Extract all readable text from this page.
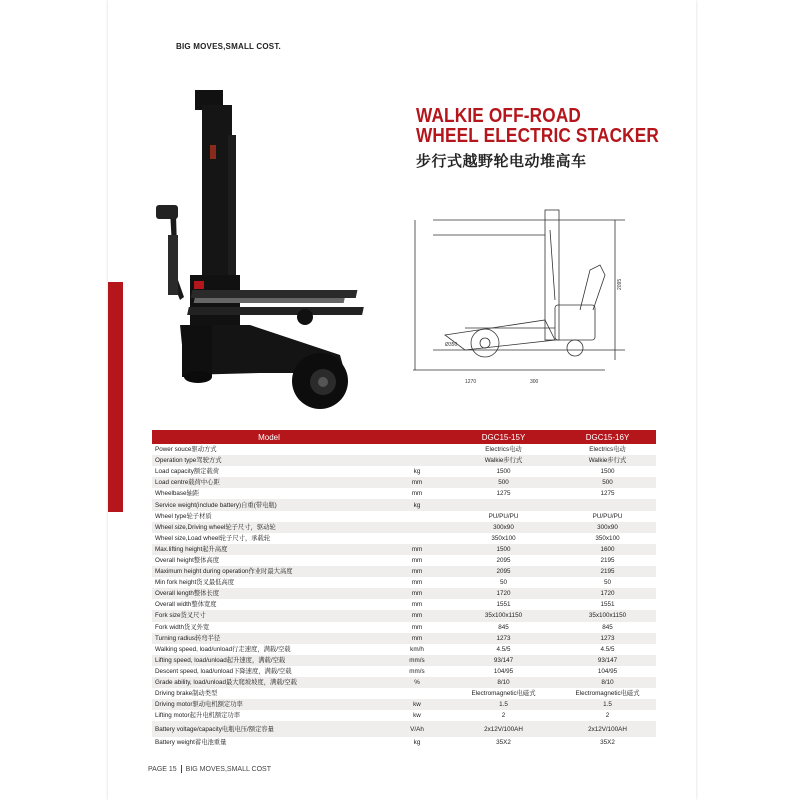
BIG MOVES,SMALL COST.
WALKIE OFF-ROAD
WHEEL ELECTRIC STACKER
步行式越野轮电动堆高车
1270	300
2095
Ø350
Model		DGC15-15Y	DGC15-16Y
Power souce驱动方式		Electrics电动	Electrics电动
Operation type驾驶方式		Walkie步行式	Walkie步行式
Load capacity额定载荷	kg	1500	1500
Load centre载荷中心距	mm	500	500
Wheelbase轴距	mm	1275	1275
Service weight(include battery)自重(带电瓶)	kg		
Wheel type轮子材质		PU/PU/PU	PU/PU/PU
Wheel size,Driving wheel轮子尺寸，驱动轮		300x90	300x90
Wheel size,Load wheel轮子尺寸，承载轮		350x100	350x100
Max.lifting height起升高度	mm	1500	1600
Overall height整体高度	mm	2095	2195
Maximum height during operation作业时最大高度	mm	2095	2195
Min fork height货叉最低高度	mm	50	50
Overall length整体长度	mm	1720	1720
Overall width整体宽度	mm	1551	1551
Fork size货叉尺寸	mm	35x100x1150	35x100x1150
Fork width货叉外宽	mm	845	845
Turning radius转弯半径	mm	1273	1273
Walking speed, load/unload行走速度，满载/空载	km/h	4.5/5	4.5/5
Lifting speed, load/unload起升速度，满载/空载	mm/s	93/147	93/147
Descent speed, load/unload下降速度，满载/空载	mm/s	104/95	104/95
Grade ability, load/unload最大爬坡坡度，满载/空载	%	8/10	8/10
Driving brake制动类型		Electromagnetic电磁式	Electromagnetic电磁式
Driving motor驱动电机额定功率	kw	1.5	1.5
Lifting motor起升电机额定功率	kw	2	2
Battery voltage/capacity电瓶电压/额定容量	V/Ah	2x12V/100AH	2x12V/100AH
Battery weight蓄电池重量	kg	35X2	35X2
PAGE 15 BIG MOVES,SMALL COST
